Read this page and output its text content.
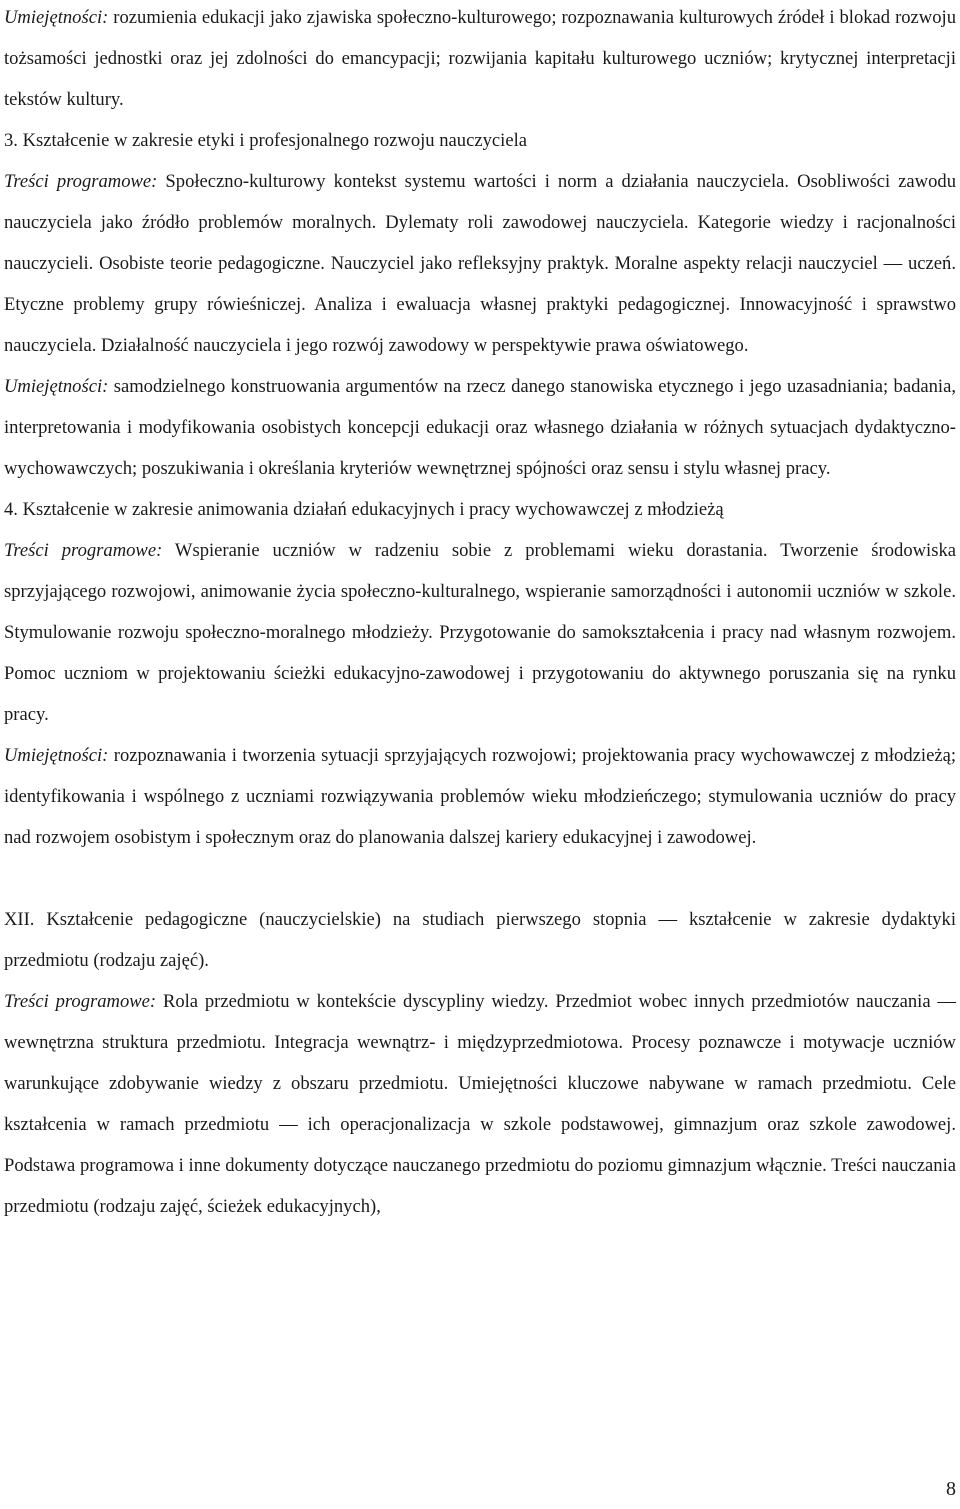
Umiejętności: rozumienia edukacji jako zjawiska społeczno-kulturowego; rozpoznawania kulturowych źródeł i blokad rozwoju tożsamości jednostki oraz jej zdolności do emancypacji; rozwijania kapitału kulturowego uczniów; krytycznej interpretacji tekstów kultury.

3. Kształcenie w zakresie etyki i profesjonalnego rozwoju nauczyciela

Treści programowe: Społeczno-kulturowy kontekst systemu wartości i norm a działania nauczyciela. Osobliwości zawodu nauczyciela jako źródło problemów moralnych. Dylematy roli zawodowej nauczyciela. Kategorie wiedzy i racjonalności nauczycieli. Osobiste teorie pedagogiczne. Nauczyciel jako refleksyjny praktyk. Moralne aspekty relacji nauczyciel — uczeń. Etyczne problemy grupy rówieśniczej. Analiza i ewaluacja własnej praktyki pedagogicznej. Innowacyjność i sprawstwo nauczyciela. Działalność nauczyciela i jego rozwój zawodowy w perspektywie prawa oświatowego.

Umiejętności: samodzielnego konstruowania argumentów na rzecz danego stanowiska etycznego i jego uzasadniania; badania, interpretowania i modyfikowania osobistych koncepcji edukacji oraz własnego działania w różnych sytuacjach dydaktyczno-wychowawczych; poszukiwania i określania kryteriów wewnętrznej spójności oraz sensu i stylu własnej pracy.

4. Kształcenie w zakresie animowania działań edukacyjnych i pracy wychowawczej z młodzieżą

Treści programowe: Wspieranie uczniów w radzeniu sobie z problemami wieku dorastania. Tworzenie środowiska sprzyjającego rozwojowi, animowanie życia społeczno-kulturalnego, wspieranie samorządności i autonomii uczniów w szkole. Stymulowanie rozwoju społeczno-moralnego młodzieży. Przygotowanie do samokształcenia i pracy nad własnym rozwojem. Pomoc uczniom w projektowaniu ścieżki edukacyjno-zawodowej i przygotowaniu do aktywnego poruszania się na rynku pracy.

Umiejętności: rozpoznawania i tworzenia sytuacji sprzyjających rozwojowi; projektowania pracy wychowawczej z młodzieżą; identyfikowania i wspólnego z uczniami rozwiązywania problemów wieku młodzieńczego; stymulowania uczniów do pracy nad rozwojem osobistym i społecznym oraz do planowania dalszej kariery edukacyjnej i zawodowej.

XII. Kształcenie pedagogiczne (nauczycielskie) na studiach pierwszego stopnia — kształcenie w zakresie dydaktyki przedmiotu (rodzaju zajęć).

Treści programowe: Rola przedmiotu w kontekście dyscypliny wiedzy. Przedmiot wobec innych przedmiotów nauczania — wewnętrzna struktura przedmiotu. Integracja wewnątrz- i międzyprzedmiotowa. Procesy poznawcze i motywacje uczniów warunkujące zdobywanie wiedzy z obszaru przedmiotu. Umiejętności kluczowe nabywane w ramach przedmiotu. Cele kształcenia w ramach przedmiotu — ich operacjonalizacja w szkole podstawowej, gimnazjum oraz szkole zawodowej. Podstawa programowa i inne dokumenty dotyczące nauczanego przedmiotu do poziomu gimnazjum włącznie. Treści nauczania przedmiotu (rodzaju zajęć, ścieżek edukacyjnych),

8
